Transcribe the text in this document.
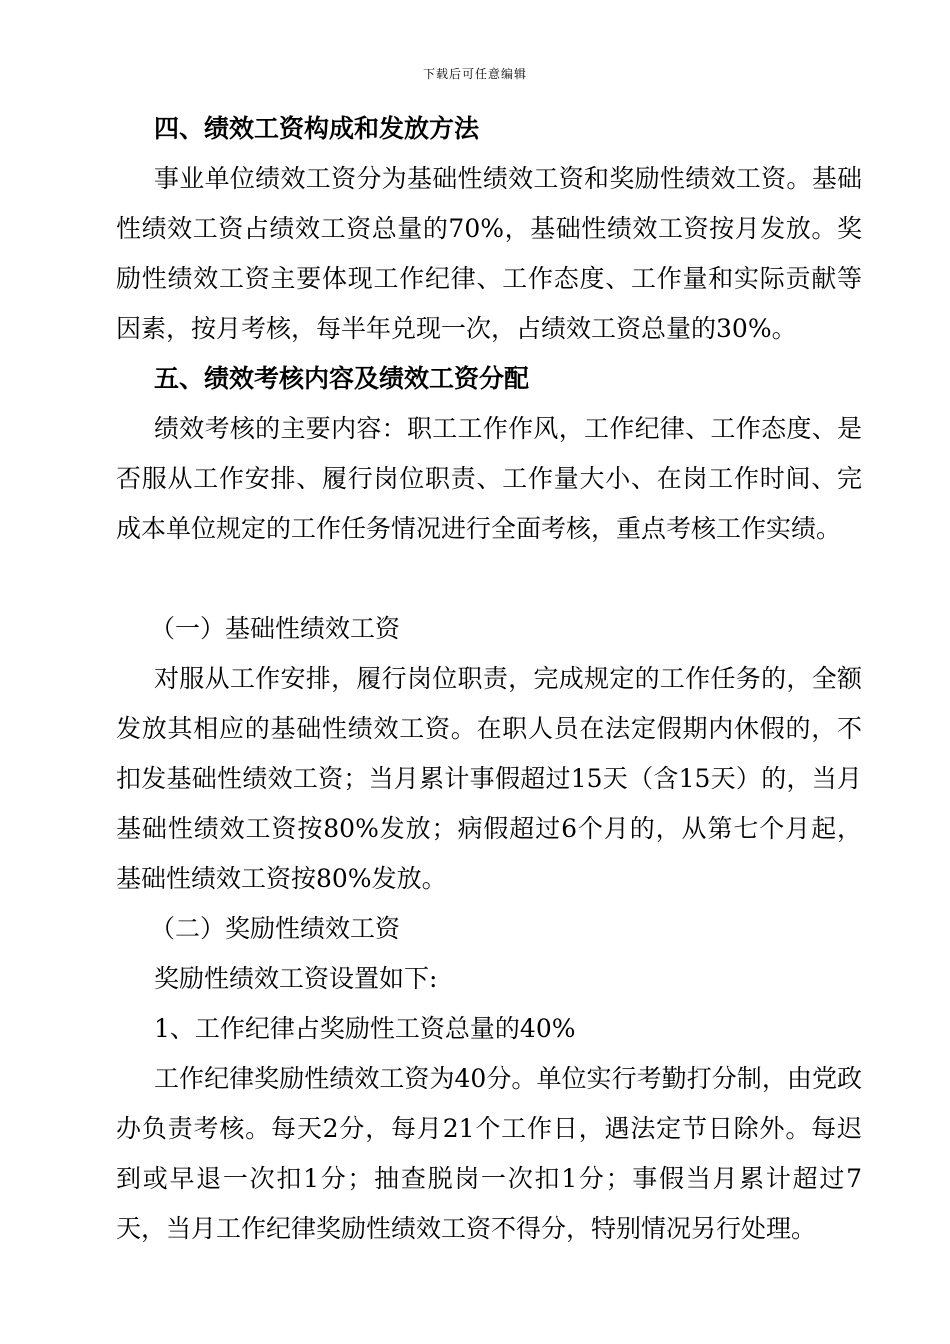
下载后可任意编辑

四、绩效工资构成和发放方法

事业单位绩效工资分为基础性绩效工资和奖励性绩效工资。基础性绩效工资占绩效工资总量的70%，基础性绩效工资按月发放。奖励性绩效工资主要体现工作纪律、工作态度、工作量和实际贡献等因素，按月考核，每半年兑现一次，占绩效工资总量的30%。

五、绩效考核内容及绩效工资分配

绩效考核的主要内容：职工工作作风，工作纪律、工作态度、是否服从工作安排、履行岗位职责、工作量大小、在岗工作时间、完成本单位规定的工作任务情况进行全面考核，重点考核工作实绩。

（一）基础性绩效工资

对服从工作安排，履行岗位职责，完成规定的工作任务的，全额发放其相应的基础性绩效工资。在职人员在法定假期内休假的，不扣发基础性绩效工资；当月累计事假超过15天（含15天）的，当月基础性绩效工资按80%发放；病假超过6个月的，从第七个月起，基础性绩效工资按80%发放。

（二）奖励性绩效工资

奖励性绩效工资设置如下:

1、工作纪律占奖励性工资总量的40%

工作纪律奖励性绩效工资为40分。单位实行考勤打分制，由党政办负责考核。每天2分，每月21个工作日，遇法定节日除外。每迟到或早退一次扣1分；抽查脱岗一次扣1分；事假当月累计超过7天，当月工作纪律奖励性绩效工资不得分，特别情况另行处理。
